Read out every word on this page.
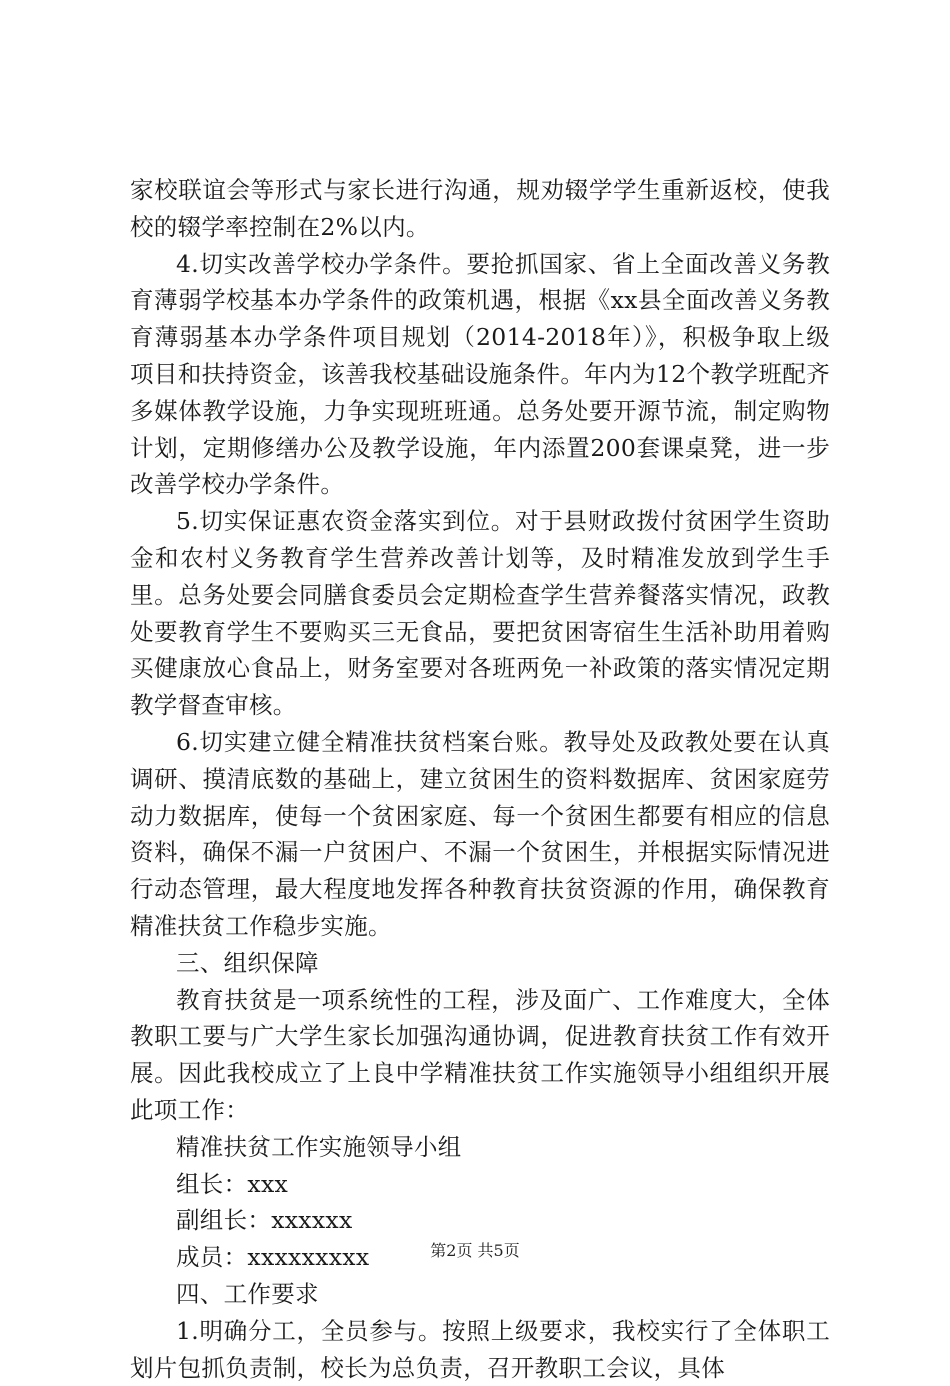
家校联谊会等形式与家长进行沟通，规劝辍学学生重新返校，使我校的辍学率控制在2%以内。

4.切实改善学校办学条件。要抢抓国家、省上全面改善义务教育薄弱学校基本办学条件的政策机遇，根据《xx县全面改善义务教育薄弱基本办学条件项目规划（2014-2018年）》，积极争取上级项目和扶持资金，该善我校基础设施条件。年内为12个教学班配齐多媒体教学设施，力争实现班班通。总务处要开源节流，制定购物计划，定期修缮办公及教学设施，年内添置200套课桌凳，进一步改善学校办学条件。

5.切实保证惠农资金落实到位。对于县财政拨付贫困学生资助金和农村义务教育学生营养改善计划等，及时精准发放到学生手里。总务处要会同膳食委员会定期检查学生营养餐落实情况，政教处要教育学生不要购买三无食品，要把贫困寄宿生生活补助用着购买健康放心食品上，财务室要对各班两免一补政策的落实情况定期教学督查审核。

6.切实建立健全精准扶贫档案台账。教导处及政教处要在认真调研、摸清底数的基础上，建立贫困生的资料数据库、贫困家庭劳动力数据库，使每一个贫困家庭、每一个贫困生都要有相应的信息资料，确保不漏一户贫困户、不漏一个贫困生，并根据实际情况进行动态管理，最大程度地发挥各种教育扶贫资源的作用，确保教育精准扶贫工作稳步实施。

三、组织保障

教育扶贫是一项系统性的工程，涉及面广、工作难度大，全体教职工要与广大学生家长加强沟通协调，促进教育扶贫工作有效开展。因此我校成立了上良中学精准扶贫工作实施领导小组组织开展此项工作：

精准扶贫工作实施领导小组

组长：xxx

副组长：xxxxxx

成员：xxxxxxxxx

四、工作要求

1.明确分工，全员参与。按照上级要求，我校实行了全体职工划片包抓负责制，校长为总负责，召开教职工会议，具体

第2页 共5页
